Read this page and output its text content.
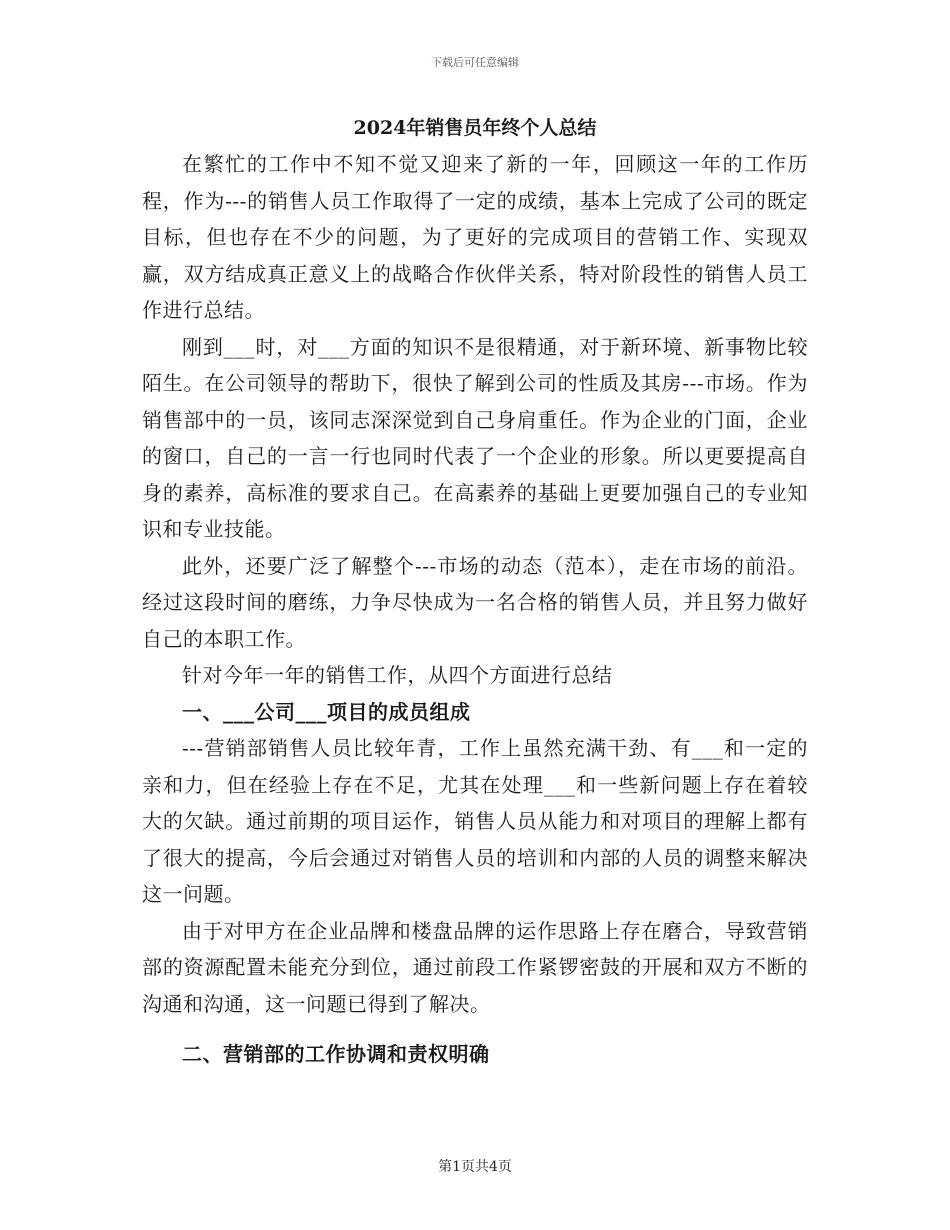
下载后可任意编辑
2024年销售员年终个人总结

在繁忙的工作中不知不觉又迎来了新的一年，回顾这一年的工作历程，作为---的销售人员工作取得了一定的成绩，基本上完成了公司的既定目标，但也存在不少的问题，为了更好的完成项目的营销工作、实现双赢，双方结成真正意义上的战略合作伙伴关系，特对阶段性的销售人员工作进行总结。

刚到___时，对___方面的知识不是很精通，对于新环境、新事物比较陌生。在公司领导的帮助下，很快了解到公司的性质及其房---市场。作为销售部中的一员，该同志深深觉到自己身肩重任。作为企业的门面，企业的窗口，自己的一言一行也同时代表了一个企业的形象。所以更要提高自身的素养，高标准的要求自己。在高素养的基础上更要加强自己的专业知识和专业技能。

此外，还要广泛了解整个---市场的动态（范本），走在市场的前沿。经过这段时间的磨练，力争尽快成为一名合格的销售人员，并且努力做好自己的本职工作。

针对今年一年的销售工作，从四个方面进行总结

一、___公司___项目的成员组成

---营销部销售人员比较年青，工作上虽然充满干劲、有___和一定的亲和力，但在经验上存在不足，尤其在处理___和一些新问题上存在着较大的欠缺。通过前期的项目运作，销售人员从能力和对项目的理解上都有了很大的提高，今后会通过对销售人员的培训和内部的人员的调整来解决这一问题。

由于对甲方在企业品牌和楼盘品牌的运作思路上存在磨合，导致营销部的资源配置未能充分到位，通过前段工作紧锣密鼓的开展和双方不断的沟通和沟通，这一问题已得到了解决。

二、营销部的工作协调和责权明确

第1页共4页
